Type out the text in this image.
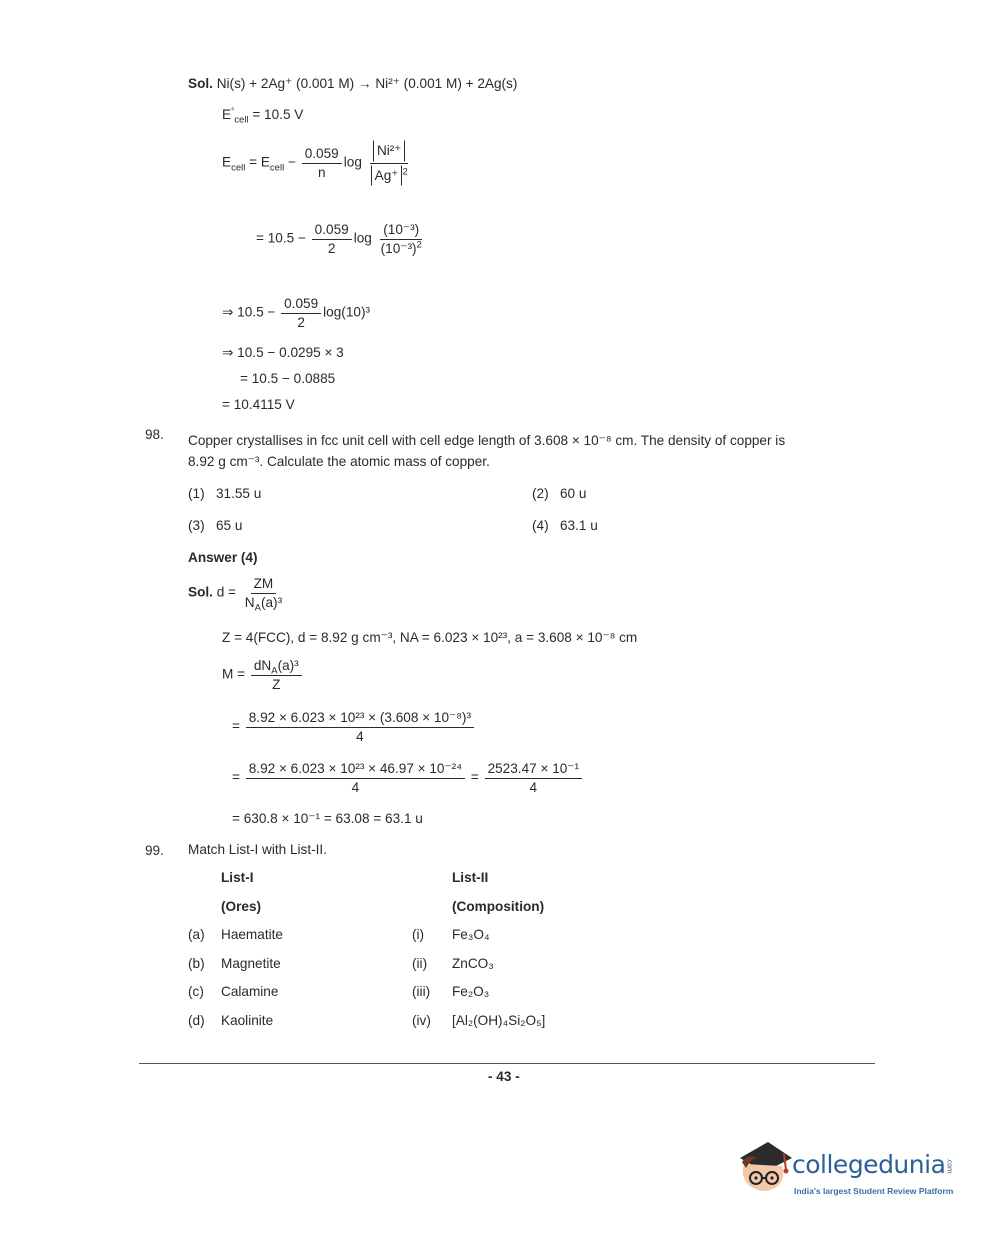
Sol. Ni(s) + 2Ag⁺ (0.001 M) → Ni²⁺ (0.001 M) + 2Ag(s)
$E^\circ_{cell} = 10.5$ V
$E_{cell} = E_{cell} - \frac{0.059}{n}$ $\log \frac{\text{Ni²⁺}}{Ag^+ ^2}$
= $10.5 - \frac{0.059}{2}$ $\log \frac{\text{(10⁻³)}}{(10^{-3})^2}$
⇒ $10.5 - \frac{0.059}{2} \log(10)^3$
⇒ 10.5 − 0.0295 × 3
= 10.5 − 0.0885
= 10.4115 V
98. Copper crystallises in fcc unit cell with cell edge length of 3.608 × 10⁻⁸ cm. The density of copper is
8.92 g cm⁻³. Calculate the atomic mass of copper.
(1) 31.55 u	(2) 60 u
(3) 65 u	(4) 63.1 u
Answer (4)
Sol. $d = \frac{ZM}{N_A(a)^3}$
Z = 4(FCC), d = 8.92 g cm⁻³, NA = 6.023 × 10²³, a = 3.608 × 10⁻⁸ cm
$M = \frac{dN_A(a)^3}{Z}$
= $\frac{\text{8.92 × 6.023 × 10²³ × (3.608 × 10⁻⁸)³}}{4}$
= $\frac{\text{8.92 × 6.023 × 10²³ × 46.97 × 10⁻²⁴}}{4} = \frac{\text{2523.47 × 10⁻¹}}{4}$
= 630.8 × 10⁻¹ = 63.08 = 63.1 u
99. Match List-I with List-II.
List-I	List-II
(Ores)	(Composition)
(a) Haematite	(i) Fe₃O₄
(b) Magnetite	(ii) ZnCO₃
(c) Calamine	(iii) Fe₂O₃
(d) Kaolinite	(iv) [Al₂(OH)₄Si₂O₅]
- 43 -
collegedunia.com
India's largest Student Review Platform
